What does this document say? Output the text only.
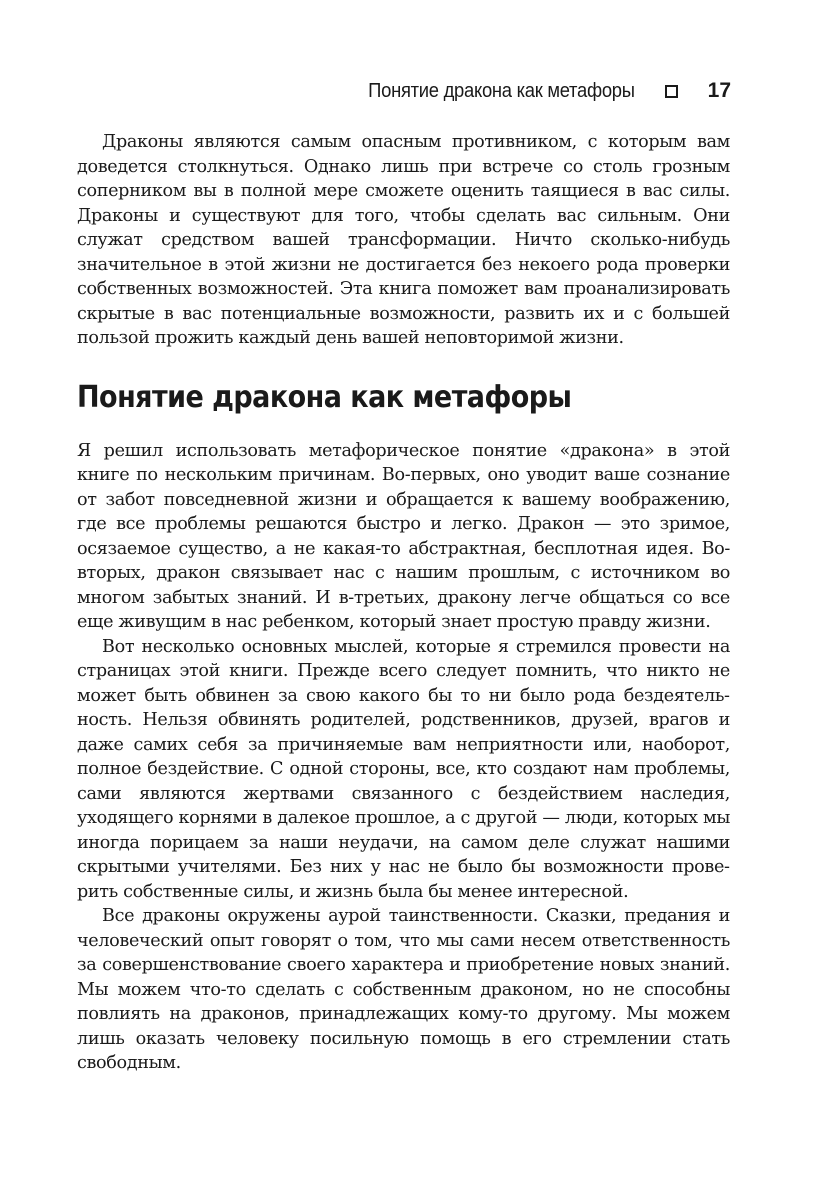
Понятие дракона как метафоры	17

Драконы являются самым опасным противником, с которым вам доведется столкнуться. Однако лишь при встрече со столь грозным соперником вы в полной мере сможете оценить таящиеся в вас силы. Драконы и существуют для того, чтобы сделать вас сильным. Они служат средством вашей трансформации. Ничто сколько-нибудь значительное в этой жизни не достигается без некоего рода проверки собственных возможностей. Эта книга поможет вам проанализировать скрытые в вас потенциальные возможности, развить их и с большей пользой прожить каждый день вашей неповторимой жизни.

Понятие дракона как метафоры

Я решил использовать метафорическое понятие «дракона» в этой книге по нескольким причинам. Во-первых, оно уводит ваше сознание от забот повседневной жизни и обращается к вашему воображению, где все проблемы решаются быстро и легко. Дракон — это зримое, осязаемое существо, а не какая-то абстрактная, бесплотная идея. Во-вторых, дракон связывает нас с нашим прошлым, с источником во многом забытых знаний. И в-третьих, дракону легче общаться со все еще живущим в нас ребенком, который знает простую правду жизни.

Вот несколько основных мыслей, которые я стремился провести на страницах этой книги. Прежде всего следует помнить, что никто не может быть обвинен за свою какого бы то ни было рода бездеятельность. Нельзя обвинять родителей, родственников, друзей, врагов и даже самих себя за причиняемые вам неприятности или, наоборот, полное бездействие. С одной стороны, все, кто создают нам проблемы, сами являются жертвами связанного с бездействием наследия, уходящего корнями в далекое прошлое, а с другой — люди, которых мы иногда порицаем за наши неудачи, на самом деле служат нашими скрытыми учителями. Без них у нас не было бы возможности проверить собственные силы, и жизнь была бы менее интересной.

Все драконы окружены аурой таинственности. Сказки, предания и человеческий опыт говорят о том, что мы сами несем ответственность за совершенствование своего характера и приобретение новых знаний. Мы можем что-то сделать с собственным драконом, но не способны повлиять на драконов, принадлежащих кому-то другому. Мы можем лишь оказать человеку посильную помощь в его стремлении стать свободным.
